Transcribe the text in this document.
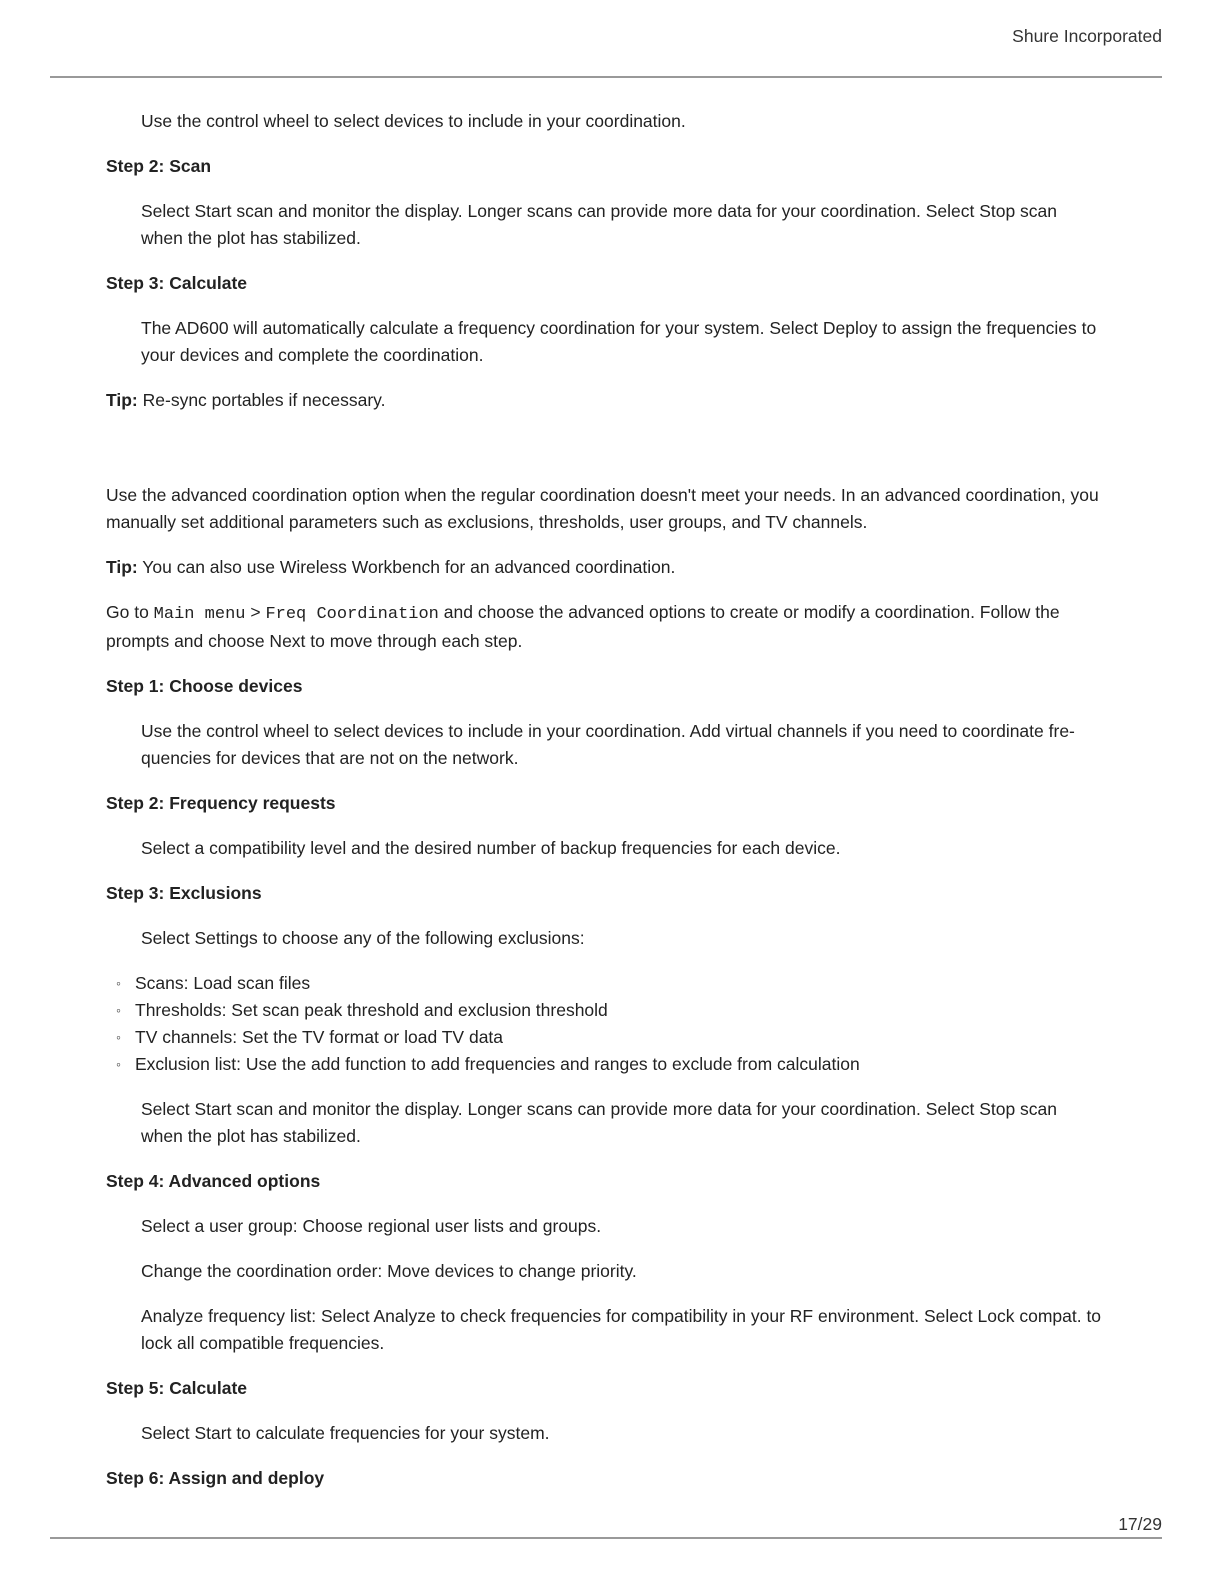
Shure Incorporated

Use the control wheel to select devices to include in your coordination.

Step 2: Scan

Select Start scan and monitor the display. Longer scans can provide more data for your coordination. Select Stop scan when the plot has stabilized.

Step 3: Calculate

The AD600 will automatically calculate a frequency coordination for your system. Select Deploy to assign the frequencies to your devices and complete the coordination.

Tip: Re-sync portables if necessary.

Use the advanced coordination option when the regular coordination doesn't meet your needs. In an advanced coordination, you manually set additional parameters such as exclusions, thresholds, user groups, and TV channels.

Tip: You can also use Wireless Workbench for an advanced coordination.

Go to Main menu > Freq Coordination and choose the advanced options to create or modify a coordination. Follow the prompts and choose Next to move through each step.

Step 1: Choose devices

Use the control wheel to select devices to include in your coordination. Add virtual channels if you need to coordinate fre-quencies for devices that are not on the network.

Step 2: Frequency requests

Select a compatibility level and the desired number of backup frequencies for each device.

Step 3: Exclusions

Select Settings to choose any of the following exclusions:

◦ Scans: Load scan files
◦ Thresholds: Set scan peak threshold and exclusion threshold
◦ TV channels: Set the TV format or load TV data
◦ Exclusion list: Use the add function to add frequencies and ranges to exclude from calculation

Select Start scan and monitor the display. Longer scans can provide more data for your coordination. Select Stop scan when the plot has stabilized.

Step 4: Advanced options

Select a user group: Choose regional user lists and groups.

Change the coordination order: Move devices to change priority.

Analyze frequency list: Select Analyze to check frequencies for compatibility in your RF environment. Select Lock compat. to lock all compatible frequencies.

Step 5: Calculate

Select Start to calculate frequencies for your system.

Step 6: Assign and deploy

17/29
